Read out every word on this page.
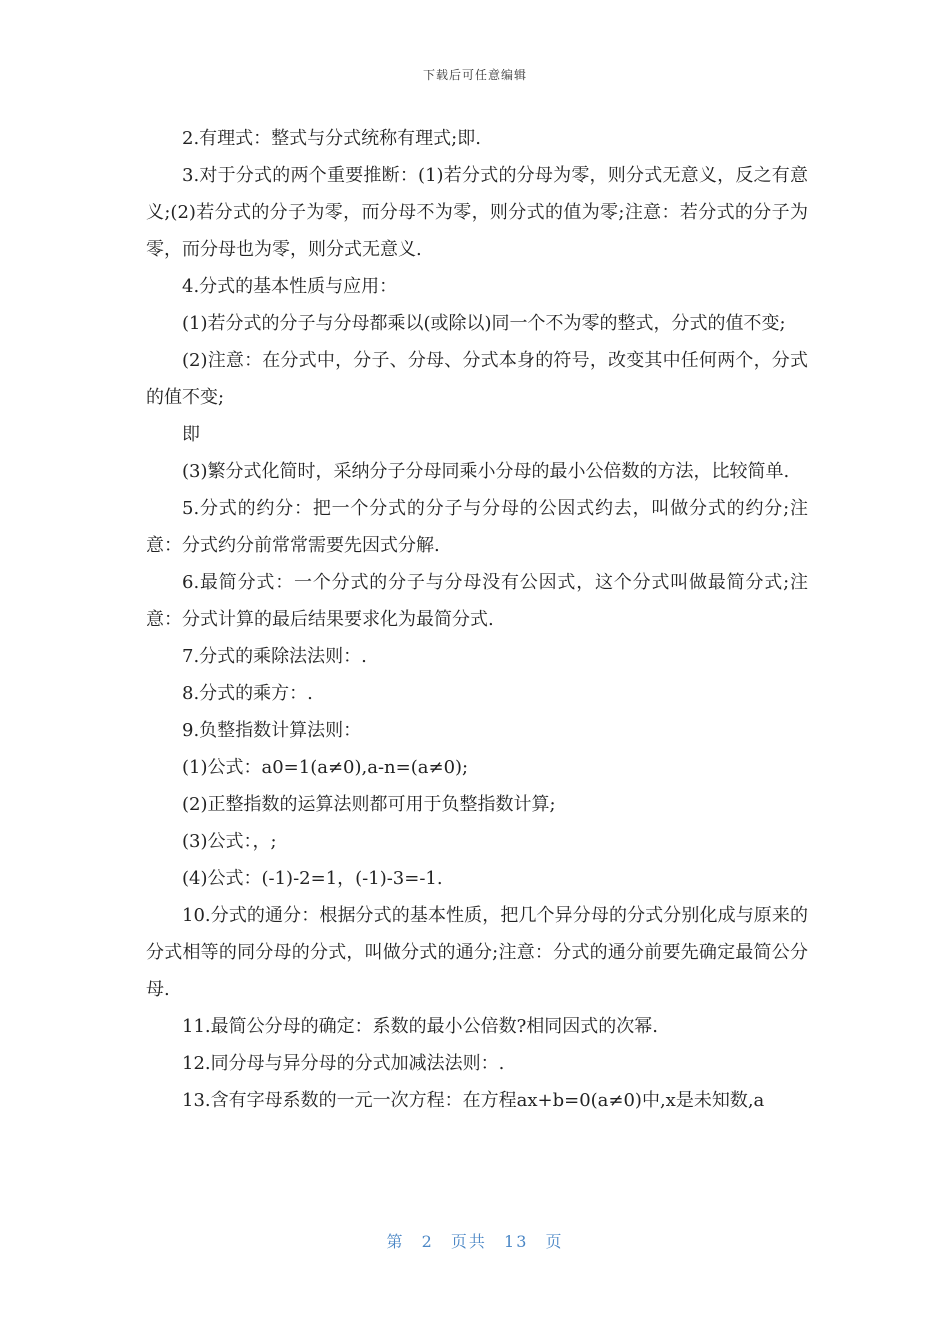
下载后可任意编辑

2.有理式：整式与分式统称有理式;即.

3.对于分式的两个重要推断：(1)若分式的分母为零，则分式无意义，反之有意义;(2)若分式的分子为零，而分母不为零，则分式的值为零;注意：若分式的分子为零，而分母也为零，则分式无意义.

4.分式的基本性质与应用：

(1)若分式的分子与分母都乘以(或除以)同一个不为零的整式，分式的值不变;

(2)注意：在分式中，分子、分母、分式本身的符号，改变其中任何两个，分式的值不变;

即

(3)繁分式化简时，采纳分子分母同乘小分母的最小公倍数的方法，比较简单.

5.分式的约分：把一个分式的分子与分母的公因式约去，叫做分式的约分;注意：分式约分前常常需要先因式分解.

6.最简分式：一个分式的分子与分母没有公因式，这个分式叫做最简分式;注意：分式计算的最后结果要求化为最简分式.

7.分式的乘除法法则：.

8.分式的乘方：.

9.负整指数计算法则：

(1)公式：a0=1(a≠0),a-n=(a≠0);

(2)正整指数的运算法则都可用于负整指数计算;

(3)公式：，;

(4)公式：(-1)-2=1，(-1)-3=-1.

10.分式的通分：根据分式的基本性质，把几个异分母的分式分别化成与原来的分式相等的同分母的分式，叫做分式的通分;注意：分式的通分前要先确定最简公分母.

11.最简公分母的确定：系数的最小公倍数?相同因式的次幂.

12.同分母与异分母的分式加减法法则：.

13.含有字母系数的一元一次方程：在方程ax+b=0(a≠0)中,x是未知数,a

第 2 页共 13 页
